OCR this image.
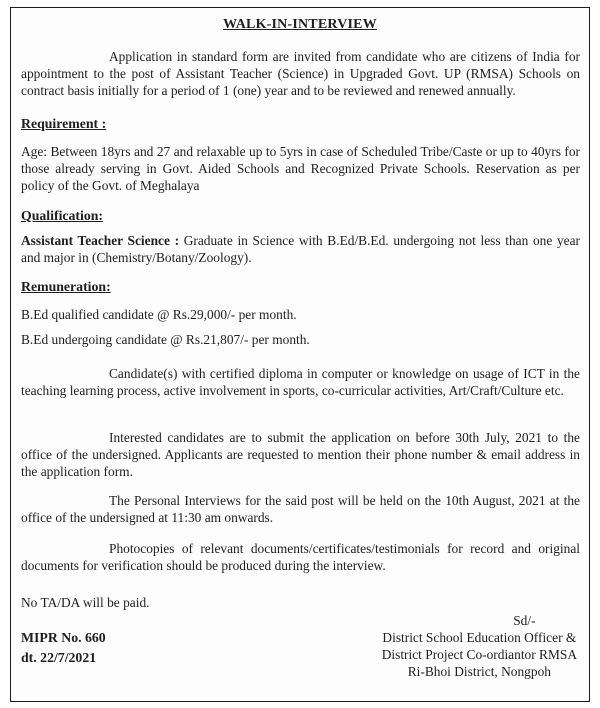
WALK-IN-INTERVIEW
Application in standard form are invited from candidate who are citizens of India for appointment to the post of Assistant Teacher (Science) in Upgraded Govt. UP (RMSA) Schools on contract basis initially for a period of 1 (one) year and to be reviewed and renewed annually.
Requirement :
Age: Between 18yrs and 27 and relaxable up to 5yrs in case of Scheduled Tribe/Caste or up to 40yrs for those already serving in Govt. Aided Schools and Recognized Private Schools. Reservation as per policy of the Govt. of Meghalaya
Qualification:
Assistant Teacher Science : Graduate in Science with B.Ed/B.Ed. undergoing not less than one year and major in (Chemistry/Botany/Zoology).
Remuneration:
B.Ed qualified candidate @ Rs.29,000/- per month.
B.Ed undergoing candidate @ Rs.21,807/- per month.
Candidate(s) with certified diploma in computer or knowledge on usage of ICT in the teaching learning process, active involvement in sports, co-curricular activities, Art/Craft/Culture etc.
Interested candidates are to submit the application on before 30th July, 2021 to the office of the undersigned. Applicants are requested to mention their phone number & email address in the application form.
The Personal Interviews for the said post will be held on the 10th August, 2021 at the office of the undersigned at 11:30 am onwards.
Photocopies of relevant documents/certificates/testimonials for record and original documents for verification should be produced during the interview.
No TA/DA will be paid.
MIPR No. 660
dt. 22/7/2021
Sd/-
District School Education Officer &
District Project Co-ordiantor RMSA
Ri-Bhoi District, Nongpoh
